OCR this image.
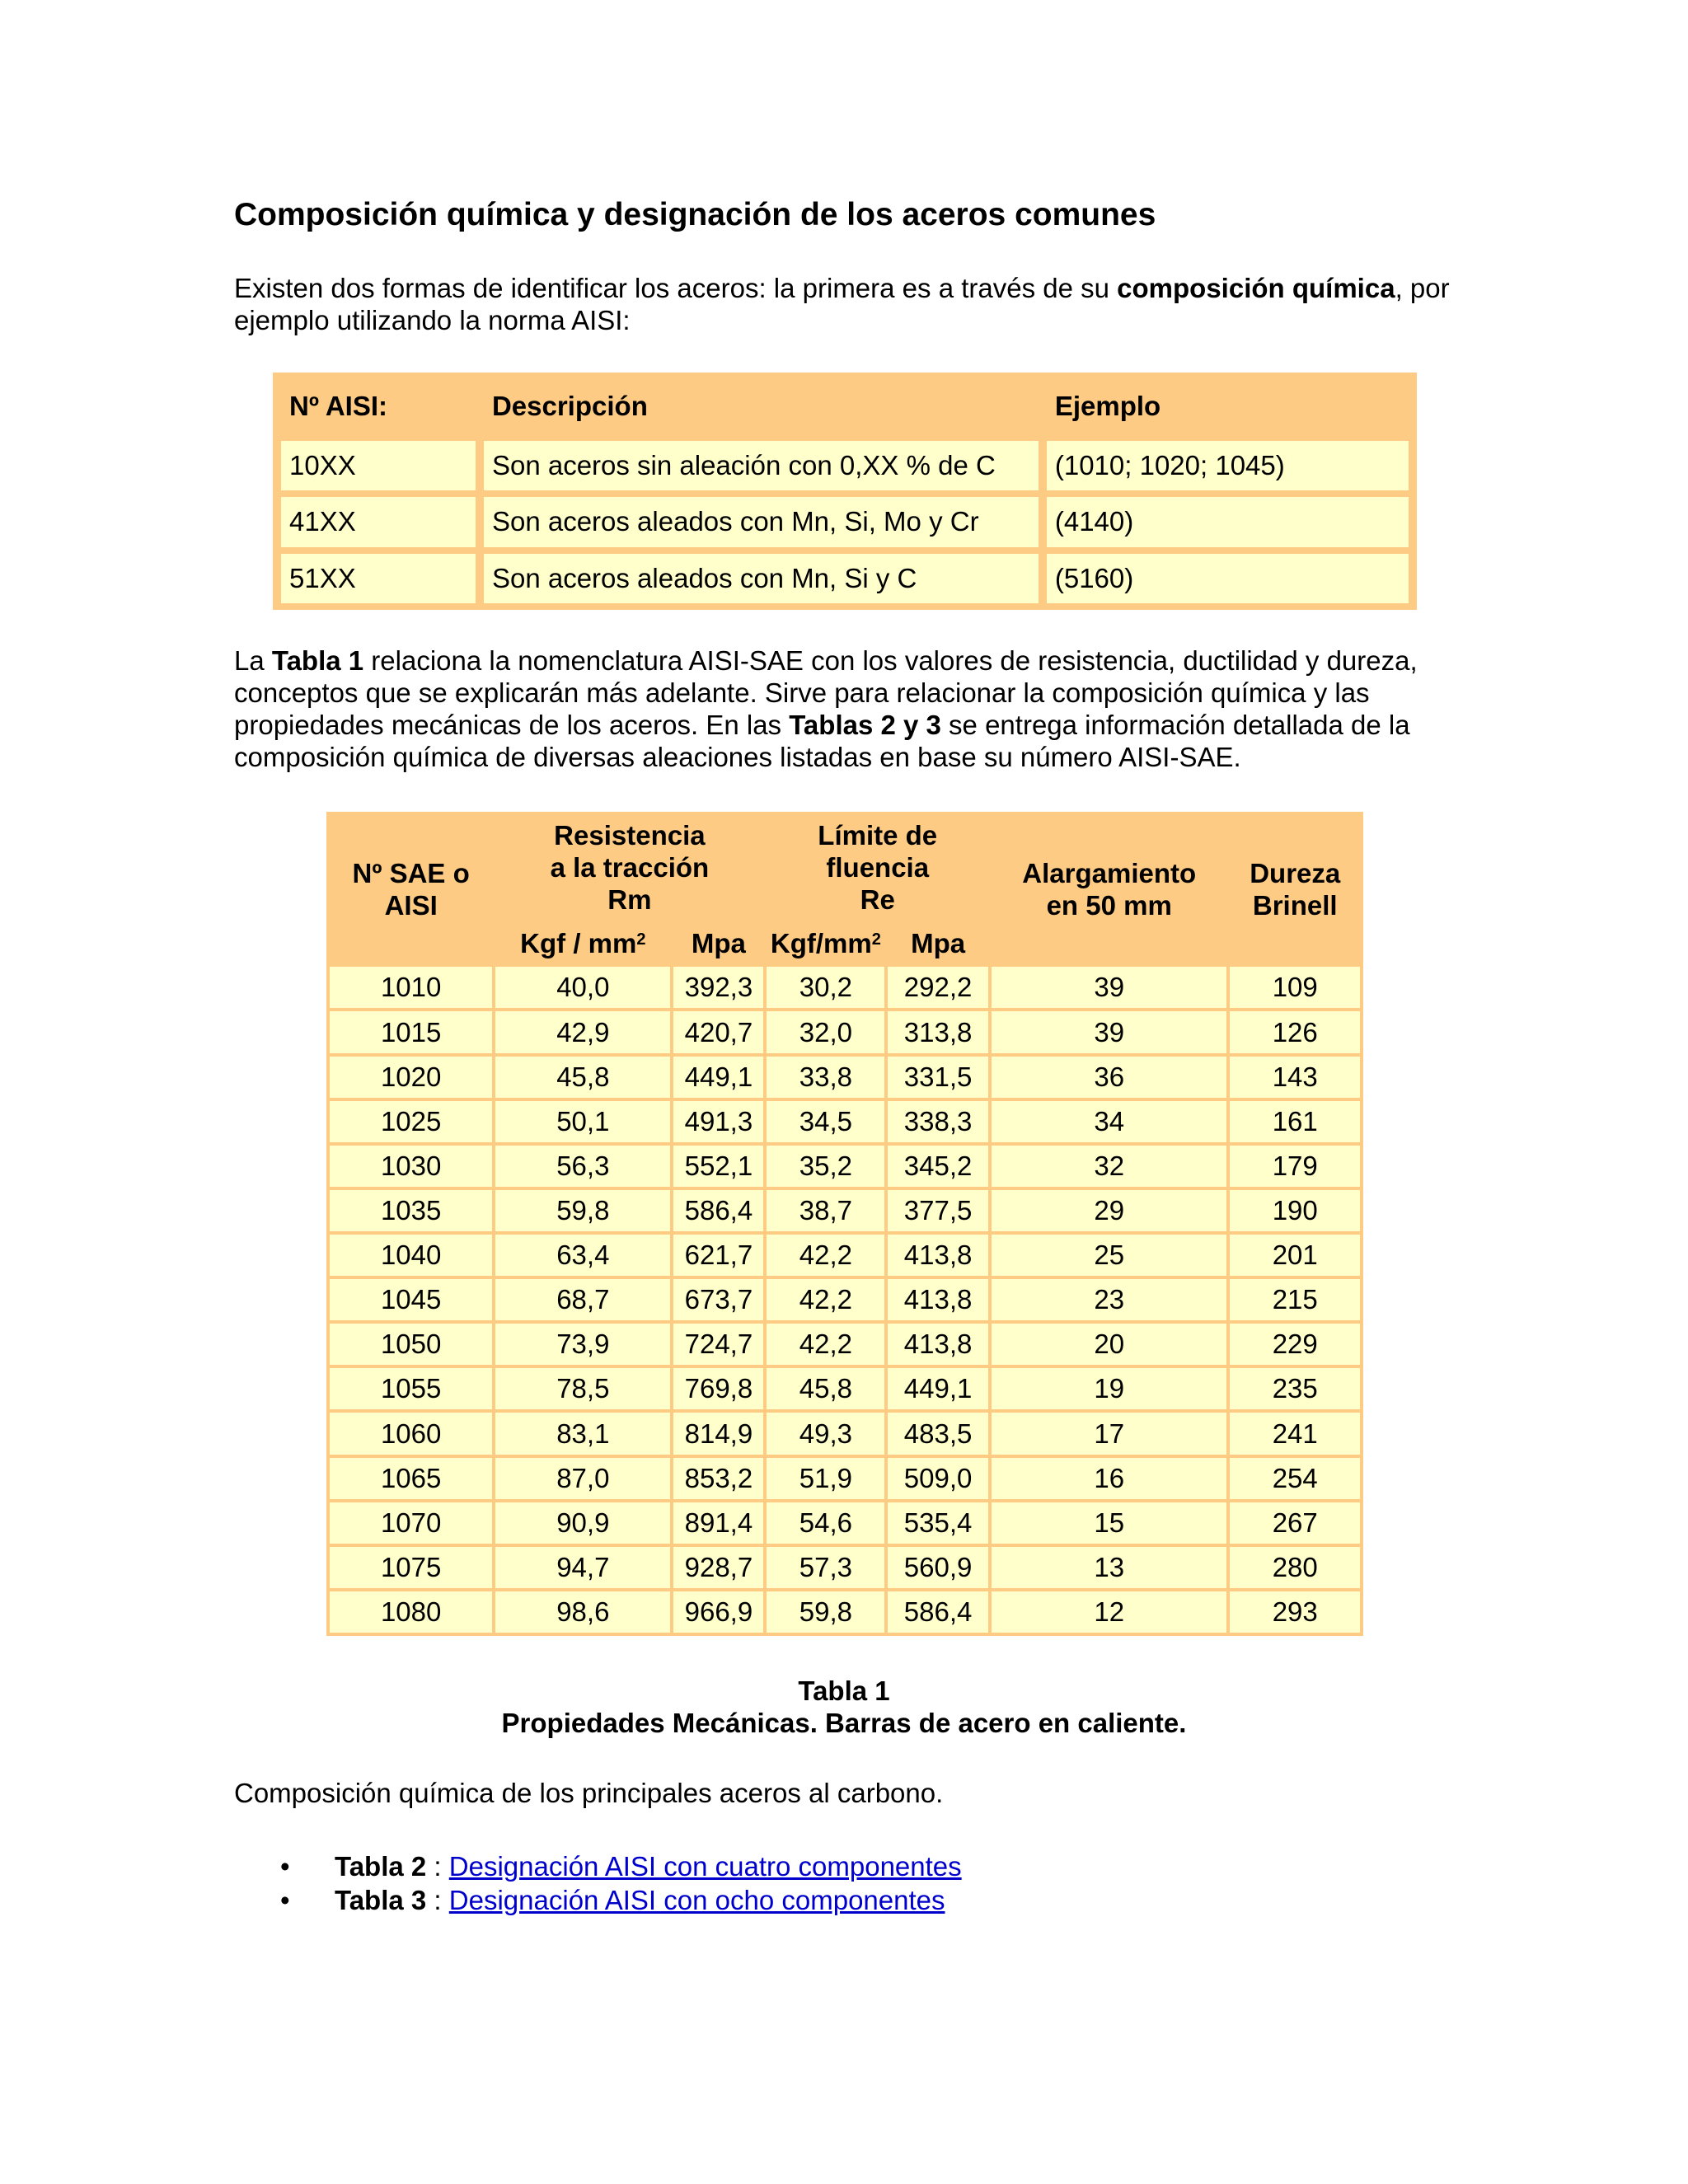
Composición química y designación de los aceros comunes

Existen dos formas de identificar los aceros: la primera es a través de su composición química, por ejemplo utilizando la norma AISI:

Nº AISI:	Descripción	Ejemplo
10XX	Son aceros sin aleación con 0,XX % de C	(1010; 1020; 1045)
41XX	Son aceros aleados con Mn, Si, Mo y Cr	(4140)
51XX	Son aceros aleados con Mn, Si y C	(5160)

La Tabla 1 relaciona la nomenclatura AISI-SAE con los valores de resistencia, ductilidad y dureza, conceptos que se explicarán más adelante. Sirve para relacionar la composición química y las propiedades mecánicas de los aceros. En las Tablas 2 y 3 se entrega información detallada de la composición química de diversas aleaciones listadas en base su número AISI-SAE.

Nº SAE o AISI	Resistencia a la tracción Rm		Límite de fluencia Re		Alargamiento en 50 mm	Dureza Brinell
	Kgf / $mm^2$	Mpa	Kgf/$mm^2$	Mpa		
1010	40,0	392,3	30,2	292,2	39	109
1015	42,9	420,7	32,0	313,8	39	126
1020	45,8	449,1	33,8	331,5	36	143
1025	50,1	491,3	34,5	338,3	34	161
1030	56,3	552,1	35,2	345,2	32	179
1035	59,8	586,4	38,7	377,5	29	190
1040	63,4	621,7	42,2	413,8	25	201
1045	68,7	673,7	42,2	413,8	23	215
1050	73,9	724,7	42,2	413,8	20	229
1055	78,5	769,8	45,8	449,1	19	235
1060	83,1	814,9	49,3	483,5	17	241
1065	87,0	853,2	51,9	509,0	16	254
1070	90,9	891,4	54,6	535,4	15	267
1075	94,7	928,7	57,3	560,9	13	280
1080	98,6	966,9	59,8	586,4	12	293
Tabla 1
Propiedades Mecánicas. Barras de acero en caliente.

Composición química de los principales aceros al carbono.

• Tabla 2 : Designación AISI con cuatro componentes
• Tabla 3 : Designación AISI con ocho componentes
